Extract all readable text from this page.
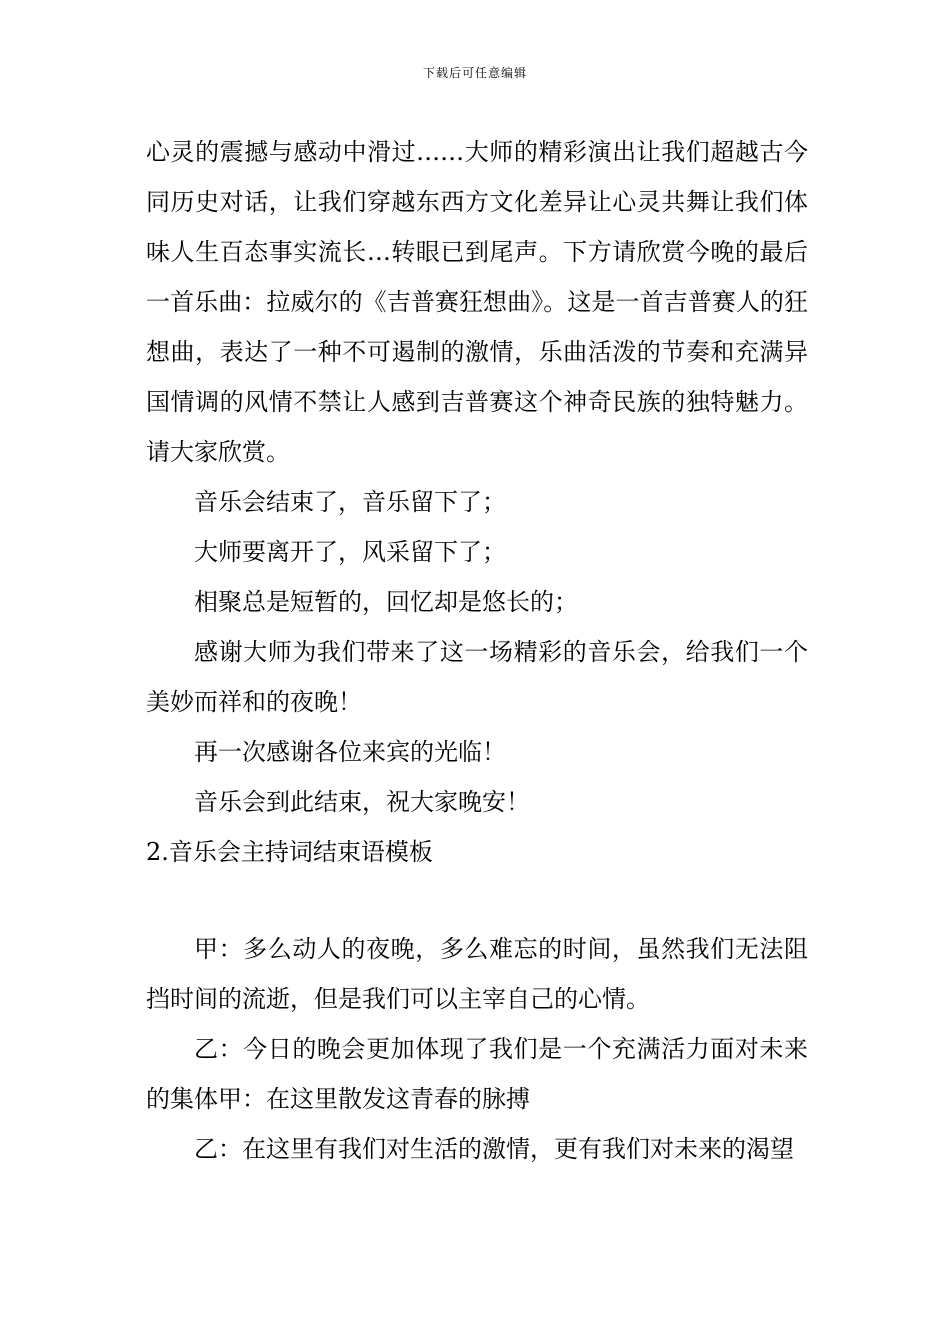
下载后可任意编辑

心灵的震撼与感动中滑过……大师的精彩演出让我们超越古今同历史对话，让我们穿越东西方文化差异让心灵共舞让我们体味人生百态事实流长…转眼已到尾声。下方请欣赏今晚的最后一首乐曲：拉威尔的《吉普赛狂想曲》。这是一首吉普赛人的狂想曲，表达了一种不可遏制的激情，乐曲活泼的节奏和充满异国情调的风情不禁让人感到吉普赛这个神奇民族的独特魅力。请大家欣赏。

音乐会结束了，音乐留下了；

大师要离开了，风采留下了；

相聚总是短暂的，回忆却是悠长的；

感谢大师为我们带来了这一场精彩的音乐会，给我们一个美妙而祥和的夜晚！

再一次感谢各位来宾的光临！

音乐会到此结束，祝大家晚安！

2.音乐会主持词结束语模板

甲：多么动人的夜晚，多么难忘的时间，虽然我们无法阻挡时间的流逝，但是我们可以主宰自己的心情。

乙：今日的晚会更加体现了我们是一个充满活力面对未来的集体甲：在这里散发这青春的脉搏

乙：在这里有我们对生活的激情，更有我们对未来的渴望
